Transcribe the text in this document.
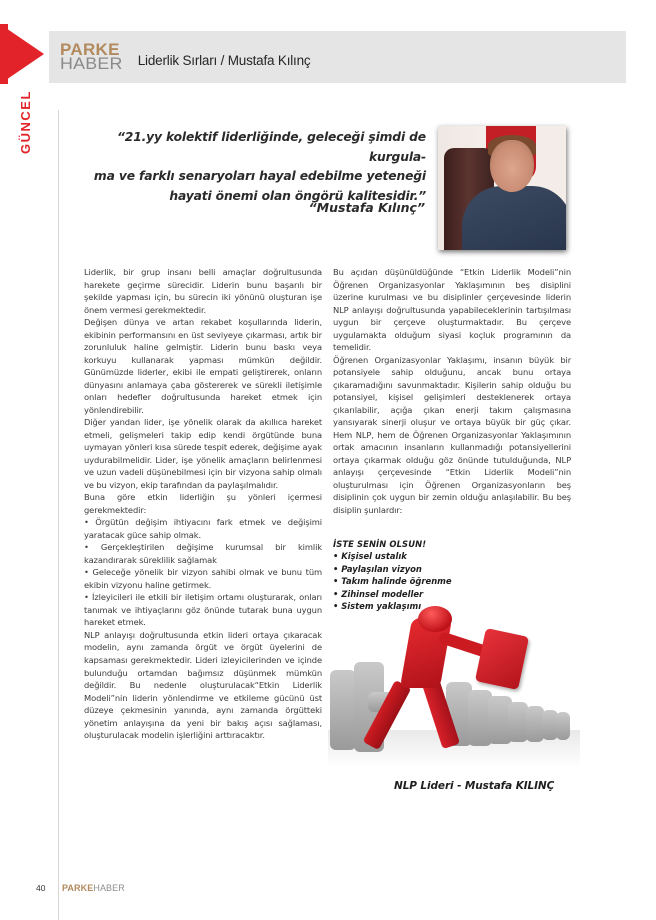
PARKE
HABER Liderlik Sırları / Mustafa Kılınç
GÜNCEL	“21.yy kolektif liderliğinde, geleceği şimdi de kurgula-
ma ve farklı senaryoları hayal edebilme yeteneği
hayati önemi olan öngörü kalitesidir.”
“Mustafa Kılınç”

Liderlik, bir grup insanı belli amaçlar doğrultusunda harekete geçirme sürecidir. Liderin bunu başarılı bir şekilde yapması için, bu sürecin iki yönünü oluşturan işe önem vermesi gerekmektedir.

Değişen dünya ve artan rekabet koşullarında liderin, ekibinin performansını en üst seviyeye çıkarması, artık bir zorunluluk haline gelmiştir. Liderin bunu baskı veya korkuyu kullanarak yapması mümkün değildir. Günümüzde liderler, ekibi ile empati geliştirerek, onların dünyasını anlamaya çaba göstererek ve sürekli iletişimle onları hedefler doğrultusunda hareket etmek için yönlendirebilir.

Diğer yandan lider, işe yönelik olarak da akıllıca hareket etmeli, gelişmeleri takip edip kendi örgütünde buna uymayan yönleri kısa sürede tespit ederek, değişime ayak uydurabilmelidir. Lider, işe yönelik amaçların belirlenmesi ve uzun vadeli düşünebilmesi için bir vizyona sahip olmalı ve bu vizyon, ekip tarafından da paylaşılmalıdır.

Buna göre etkin liderliğin şu yönleri içermesi gerekmektedir:

• Örgütün değişim ihtiyacını fark etmek ve değişimi yaratacak güce sahip olmak.

• Gerçekleştirilen değişime kurumsal bir kimlik kazandırarak süreklilik sağlamak

• Geleceğe yönelik bir vizyon sahibi olmak ve bunu tüm ekibin vizyonu haline getirmek.

• İzleyicileri ile etkili bir iletişim ortamı oluşturarak, onları tanımak ve ihtiyaçlarını göz önünde tutarak buna uygun hareket etmek.

NLP anlayışı doğrultusunda etkin lideri ortaya çıkaracak modelin, aynı zamanda örgüt ve örgüt üyelerini de kapsaması gerekmektedir. Lideri izleyicilerinden ve içinde bulunduğu ortamdan bağımsız düşünmek mümkün değildir. Bu nedenle oluşturulacak“Etkin Liderlik Modeli”nin liderin yönlendirme ve etkileme gücünü üst düzeye çekmesinin yanında, aynı zamanda örgütteki yönetim anlayışına da yeni bir bakış açısı sağlaması, oluşturulacak modelin işlerliğini arttıracaktır.

Bu açıdan düşünüldüğünde “Etkin Liderlik Modeli”nin Öğrenen Organizasyonlar Yaklaşımının beş disiplini üzerine kurulması ve bu disiplinler çerçevesinde liderin NLP anlayışı doğrultusunda yapabileceklerinin tartışılması uygun bir çerçeve oluşturmaktadır. Bu çerçeve uygulamakta olduğum siyasi koçluk programının da temelidir.

Öğrenen Organizasyonlar Yaklaşımı, insanın büyük bir potansiyele sahip olduğunu, ancak bunu ortaya çıkaramadığını savunmaktadır. Kişilerin sahip olduğu bu potansiyel, kişisel gelişimleri desteklenerek ortaya çıkarılabilir, açığa çıkan enerji takım çalışmasına yansıyarak sinerji oluşur ve ortaya büyük bir güç çıkar. Hem NLP, hem de Öğrenen Organizasyonlar Yaklaşımının ortak amacının insanların kullanmadığı potansiyellerini ortaya çıkarmak olduğu göz önünde tutulduğunda, NLP anlayışı çerçevesinde “Etkin Liderlik Modeli”nin oluşturulması için Öğrenen Organizasyonların beş disiplinin çok uygun bir zemin olduğu anlaşılabilir. Bu beş disiplin şunlardır:

İSTE SENİN OLSUN!
• Kişisel ustalık
• Paylaşılan vizyon
• Takım halinde öğrenme
• Zihinsel modeller
• Sistem yaklaşımı
NLP Lideri - Mustafa KILINÇ
40 PARKEHABER
